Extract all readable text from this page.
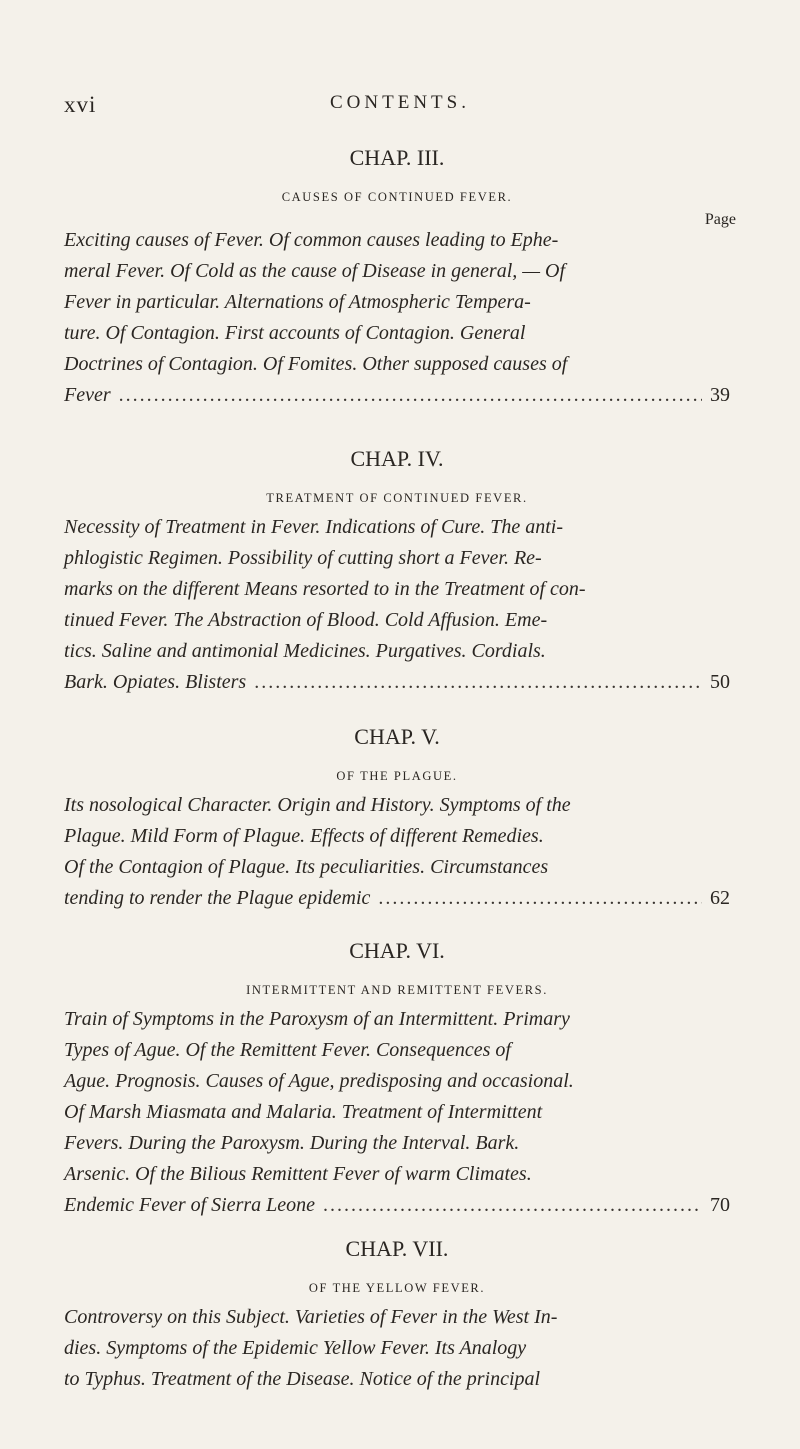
xvi	CONTENTS.
CHAP. III.
CAUSES OF CONTINUED FEVER.
Page
Exciting causes of Fever. Of common causes leading to Ephe-
meral Fever. Of Cold as the cause of Disease in general, — Of
Fever in particular. Alternations of Atmospheric Tempera-
ture. Of Contagion. First accounts of Contagion. General
Doctrines of Contagion. Of Fomites. Other supposed causes of
Fever .....	39
CHAP. IV.
TREATMENT OF CONTINUED FEVER.
Necessity of Treatment in Fever. Indications of Cure. The anti-
phlogistic Regimen. Possibility of cutting short a Fever. Re-
marks on the different Means resorted to in the Treatment of con-
tinued Fever. The Abstraction of Blood. Cold Affusion. Eme-
tics. Saline and antimonial Medicines. Purgatives. Cordials.
Bark. Opiates. Blisters .....	50
CHAP. V.
OF THE PLAGUE.
Its nosological Character. Origin and History. Symptoms of the
Plague. Mild Form of Plague. Effects of different Remedies.
Of the Contagion of Plague. Its peculiarities. Circumstances
tending to render the Plague epidemic .....	62
CHAP. VI.
INTERMITTENT AND REMITTENT FEVERS.
Train of Symptoms in the Paroxysm of an Intermittent. Primary
Types of Ague. Of the Remittent Fever. Consequences of
Ague. Prognosis. Causes of Ague, predisposing and occasional.
Of Marsh Miasmata and Malaria. Treatment of Intermittent
Fevers. During the Paroxysm. During the Interval. Bark.
Arsenic. Of the Bilious Remittent Fever of warm Climates.
Endemic Fever of Sierra Leone .....	70
CHAP. VII.
OF THE YELLOW FEVER.
Controversy on this Subject. Varieties of Fever in the West In-
dies. Symptoms of the Epidemic Yellow Fever. Its Analogy
to Typhus. Treatment of the Disease. Notice of the principal
